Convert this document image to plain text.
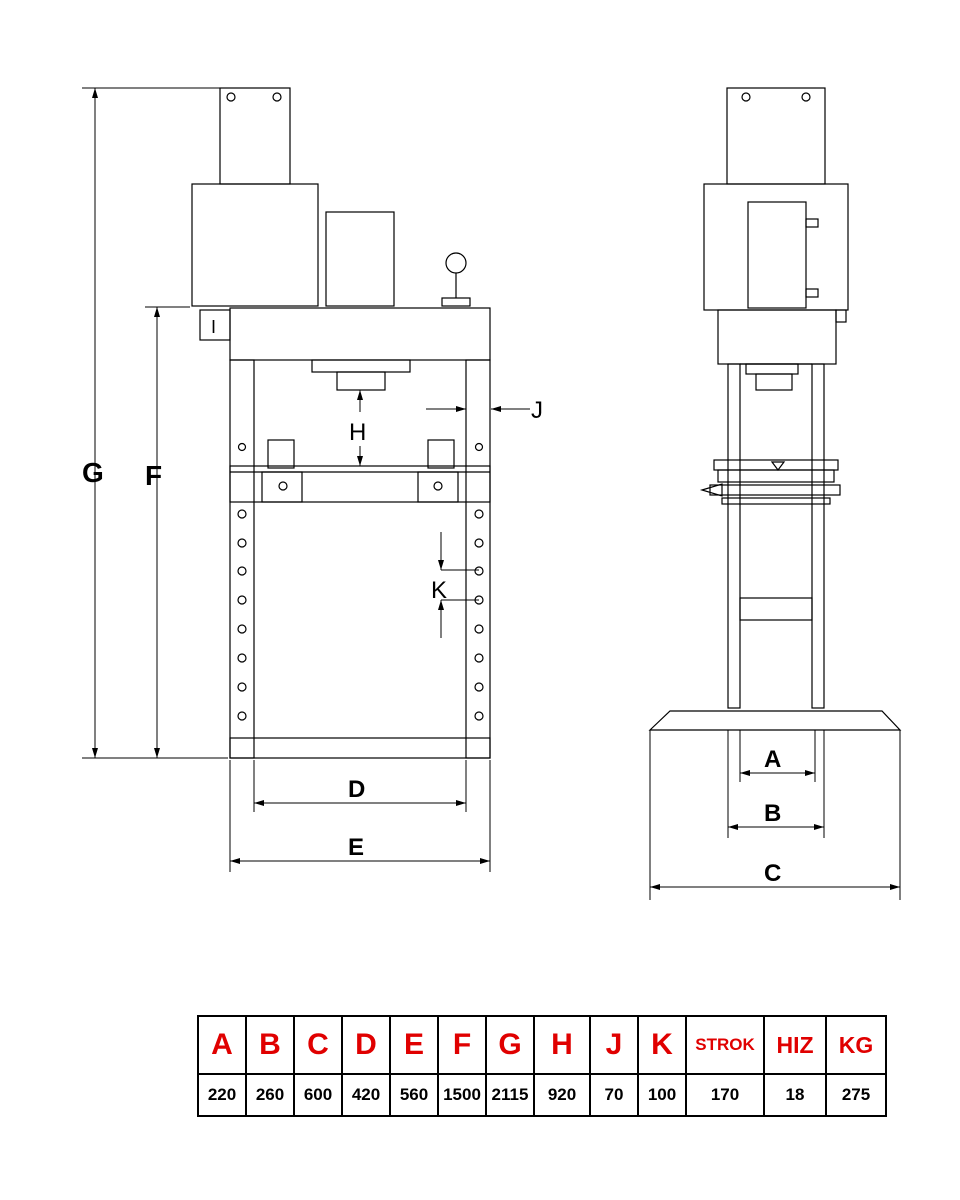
G F
H
I
J
K
D
E
A
B
C
A	B	C	D	E	F	G	H	J	K	STROK	HIZ	KG
220	260	600	420	560	1500	2115	920	70	100	170	18	275
